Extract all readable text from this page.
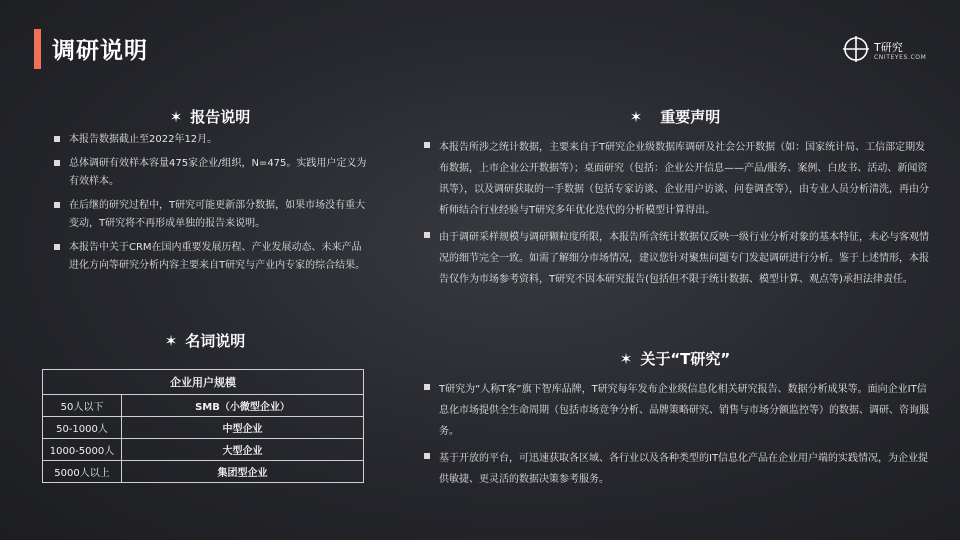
调研说明	T研究
CNITEYES.COM
✶ 报告说明
本报告数据截止至2022年12月。
总体调研有效样本容量475家企业/组织，N=475。实践用户定义为有效样本。
在后继的研究过程中，T研究可能更新部分数据，如果市场没有重大变动，T研究将不再形成单独的报告来说明。
本报告中关于CRM在国内重要发展历程、产业发展动态、未来产品进化方向等研究分析内容主要来自T研究与产业内专家的综合结果。
✶ 名词说明
企业用户规模	
50人以下	SMB（小微型企业）
50-1000人	中型企业
1000-5000人	大型企业
5000人以上	集团型企业
✶ 重要声明
本报告所涉之统计数据，主要来自于T研究企业级数据库调研及社会公开数据（如：国家统计局、工信部定期发布数据，上市企业公开数据等）；桌面研究（包括：企业公开信息——产品/服务、案例、白皮书、活动、新闻资讯等），以及调研获取的一手数据（包括专家访谈、企业用户访谈、问卷调查等），由专业人员分析清洗，再由分析师结合行业经验与T研究多年优化迭代的分析模型计算得出。
由于调研采样规模与调研颗粒度所限，本报告所含统计数据仅反映一级行业分析对象的基本特征，未必与客观情况的细节完全一致。如需了解细分市场情况，建议您针对聚焦问题专门发起调研进行分析。鉴于上述情形，本报告仅作为市场参考资料，T研究不因本研究报告(包括但不限于统计数据、模型计算、观点等)承担法律责任。
✶ 关于“T研究”
T研究为“人称T客”旗下智库品牌，T研究每年发布企业级信息化相关研究报告、数据分析成果等。面向企业IT信息化市场提供全生命周期（包括市场竞争分析、品牌策略研究、销售与市场分额监控等）的数据、调研、咨询服务。
基于开放的平台，可迅速获取各区域、各行业以及各种类型的IT信息化产品在企业用户端的实践情况，为企业提供敏捷、更灵活的数据决策参考服务。
